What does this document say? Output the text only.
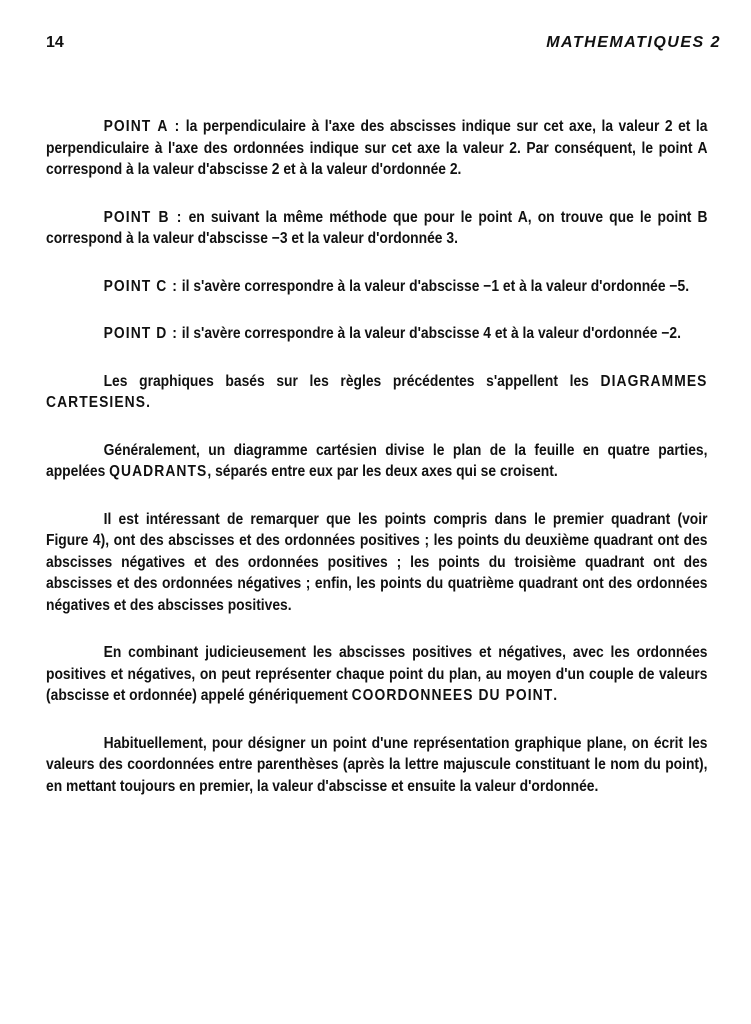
14	MATHEMATIQUES 2

POINT A : la perpendiculaire à l'axe des abscisses indique sur cet axe, la valeur 2 et la perpendiculaire à l'axe des ordonnées indique sur cet axe la valeur 2. Par conséquent, le point A correspond à la valeur d'abscisse 2 et à la valeur d'ordonnée 2.

POINT B : en suivant la même méthode que pour le point A, on trouve que le point B correspond à la valeur d'abscisse −3 et la valeur d'ordonnée 3.

POINT C : il s'avère correspondre à la valeur d'abscisse −1 et à la valeur d'ordonnée −5.

POINT D : il s'avère correspondre à la valeur d'abscisse 4 et à la valeur d'ordonnée −2.

Les graphiques basés sur les règles précédentes s'appellent les DIAGRAMMES CARTESIENS.

Généralement, un diagramme cartésien divise le plan de la feuille en quatre parties, appelées QUADRANTS, séparés entre eux par les deux axes qui se croisent.

Il est intéressant de remarquer que les points compris dans le premier quadrant (voir Figure 4), ont des abscisses et des ordonnées positives ; les points du deuxième quadrant ont des abscisses négatives et des ordonnées positives ; les points du troisième quadrant ont des abscisses et des ordonnées négatives ; enfin, les points du quatrième quadrant ont des ordonnées négatives et des abscisses positives.

En combinant judicieusement les abscisses positives et négatives, avec les ordonnées positives et négatives, on peut représenter chaque point du plan, au moyen d'un couple de valeurs (abscisse et ordonnée) appelé génériquement COORDONNEES DU POINT.

Habituellement, pour désigner un point d'une représentation graphique plane, on écrit les valeurs des coordonnées entre parenthèses (après la lettre majuscule constituant le nom du point), en mettant toujours en premier, la valeur d'abscisse et ensuite la valeur d'ordonnée.
